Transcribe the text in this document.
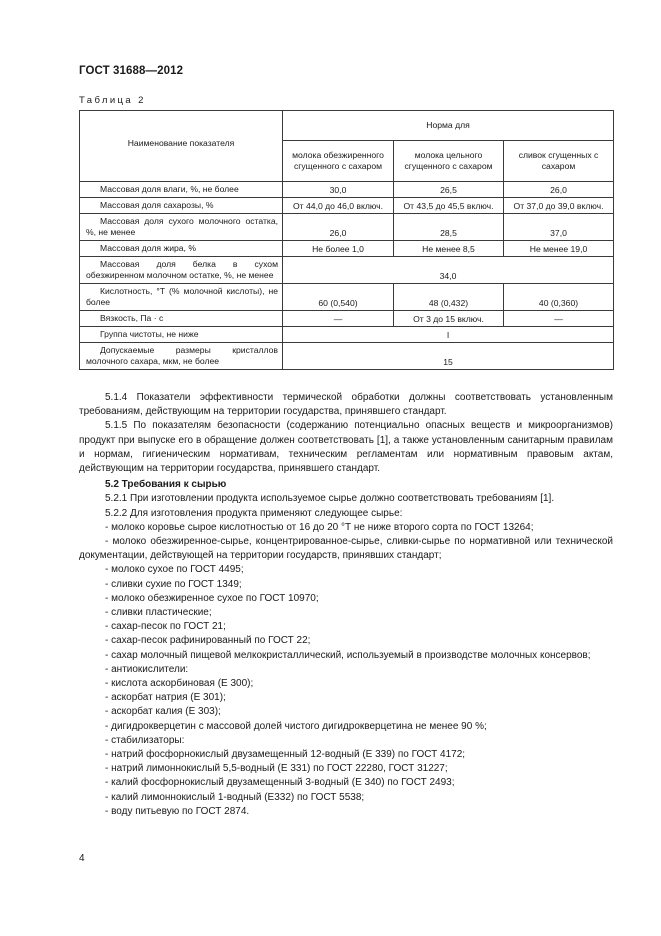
ГОСТ 31688—2012
Таблица 2
Наименование показателя	Норма для		
	молока обезжиренного сгущенного с сахаром	молока цельного сгущенного с сахаром	сливок сгущенных с сахаром
Массовая доля влаги, %, не более	30,0	26,5	26,0
Массовая доля сахарозы, %	От 44,0 до 46,0 включ.	От 43,5 до 45,5 включ.	От 37,0 до 39,0 включ.
Массовая доля сухого молочного остатка, %, не менее	26,0	28,5	37,0
Массовая доля жира, %	Не более 1,0	Не менее 8,5	Не менее 19,0
Массовая доля белка в сухом обезжиренном молочном остатке, %, не менее	34,0		
Кислотность, °Т (% молочной кислоты), не более	60 (0,540)	48 (0,432)	40 (0,360)
Вязкость, Па · с	—	От 3 до 15 включ.	—
Группа чистоты, не ниже	I		
Допускаемые размеры кристаллов молочного сахара, мкм, не более	15		

5.1.4 Показатели эффективности термической обработки должны соответствовать установленным требованиям, действующим на территории государства, принявшего стандарт.

5.1.5 По показателям безопасности (содержанию потенциально опасных веществ и микроорганизмов) продукт при выпуске его в обращение должен соответствовать [1], а также установленным санитарным правилам и нормам, гигиеническим нормативам, техническим регламентам или нормативным правовым актам, действующим на территории государства, принявшего стандарт.

5.2 Требования к сырью

5.2.1 При изготовлении продукта используемое сырье должно соответствовать требованиям [1].

5.2.2 Для изготовления продукта применяют следующее сырье:

- молоко коровье сырое кислотностью от 16 до 20 °Т не ниже второго сорта по ГОСТ 13264;
- молоко обезжиренное-сырье, концентрированное-сырье, сливки-сырье по нормативной или технической документации, действующей на территории государств, принявших стандарт;
- молоко сухое по ГОСТ 4495;
- сливки сухие по ГОСТ 1349;
- молоко обезжиренное сухое по ГОСТ 10970;
- сливки пластические;
- сахар-песок по ГОСТ 21;
- сахар-песок рафинированный по ГОСТ 22;
- сахар молочный пищевой мелкокристаллический, используемый в производстве молочных консервов;
- антиокислители:
- кислота аскорбиновая (Е 300);
- аскорбат натрия (Е 301);
- аскорбат калия (Е 303);
- дигидрокверцетин с массовой долей чистого дигидрокверцетина не менее 90 %;
- стабилизаторы:
- натрий фосфорнокислый двузамещенный 12-водный (Е 339) по ГОСТ 4172;
- натрий лимоннокислый 5,5-водный (Е 331) по ГОСТ 22280, ГОСТ 31227;
- калий фосфорнокислый двузамещенный 3-водный (Е 340) по ГОСТ 2493;
- калий лимоннокислый 1-водный (Е332) по ГОСТ 5538;
- воду питьевую по ГОСТ 2874.
4
